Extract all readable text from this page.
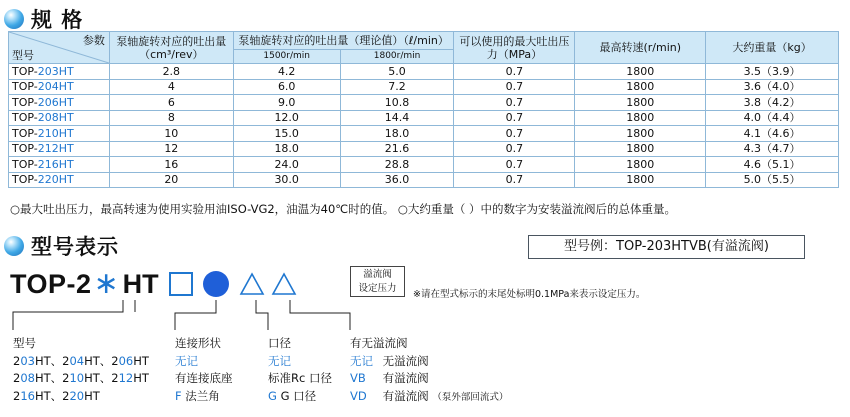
规 格
参数
型号	泵轴旋转对应的吐出量（cm³/rev）	泵轴旋转对应的吐出量（理论值）（ℓ/min）		可以使用的最大吐出压力（MPa）	最高转速(r/min)	大约重量（kg）
		1500r/min	1800r/min			
TOP-203HT	2.8	4.2	5.0	0.7	1800	3.5（3.9）
TOP-204HT	4	6.0	7.2	0.7	1800	3.6（4.0）
TOP-206HT	6	9.0	10.8	0.7	1800	3.8（4.2）
TOP-208HT	8	12.0	14.4	0.7	1800	4.0（4.4）
TOP-210HT	10	15.0	18.0	0.7	1800	4.1（4.6）
TOP-212HT	12	18.0	21.6	0.7	1800	4.3（4.7）
TOP-216HT	16	24.0	28.8	0.7	1800	4.6（5.1）
TOP-220HT	20	30.0	36.0	0.7	1800	5.0（5.5）
○最大吐出压力，最高转速为使用实验用油ISO-VG2，油温为40℃时的值。 ○大约重量（ ）中的数字为安装溢流阀后的总体重量。
型号表示	型号例：TOP-203HTVB(有溢流阀)
TOP-2 ∗ HT	溢流阀
设定压力
※请在型式标示的末尾处标明0.1MPa来表示设定压力。
型号
203HT、204HT、206HT
208HT、210HT、212HT
216HT、220HT
连接形状
无记
有连接底座
F 法兰角
口径
无记
标准Rc 口径
G G 口径
有无溢流阀
无记 无溢流阀
VB 有溢流阀
VD 有溢流阀 （泵外部回流式）
